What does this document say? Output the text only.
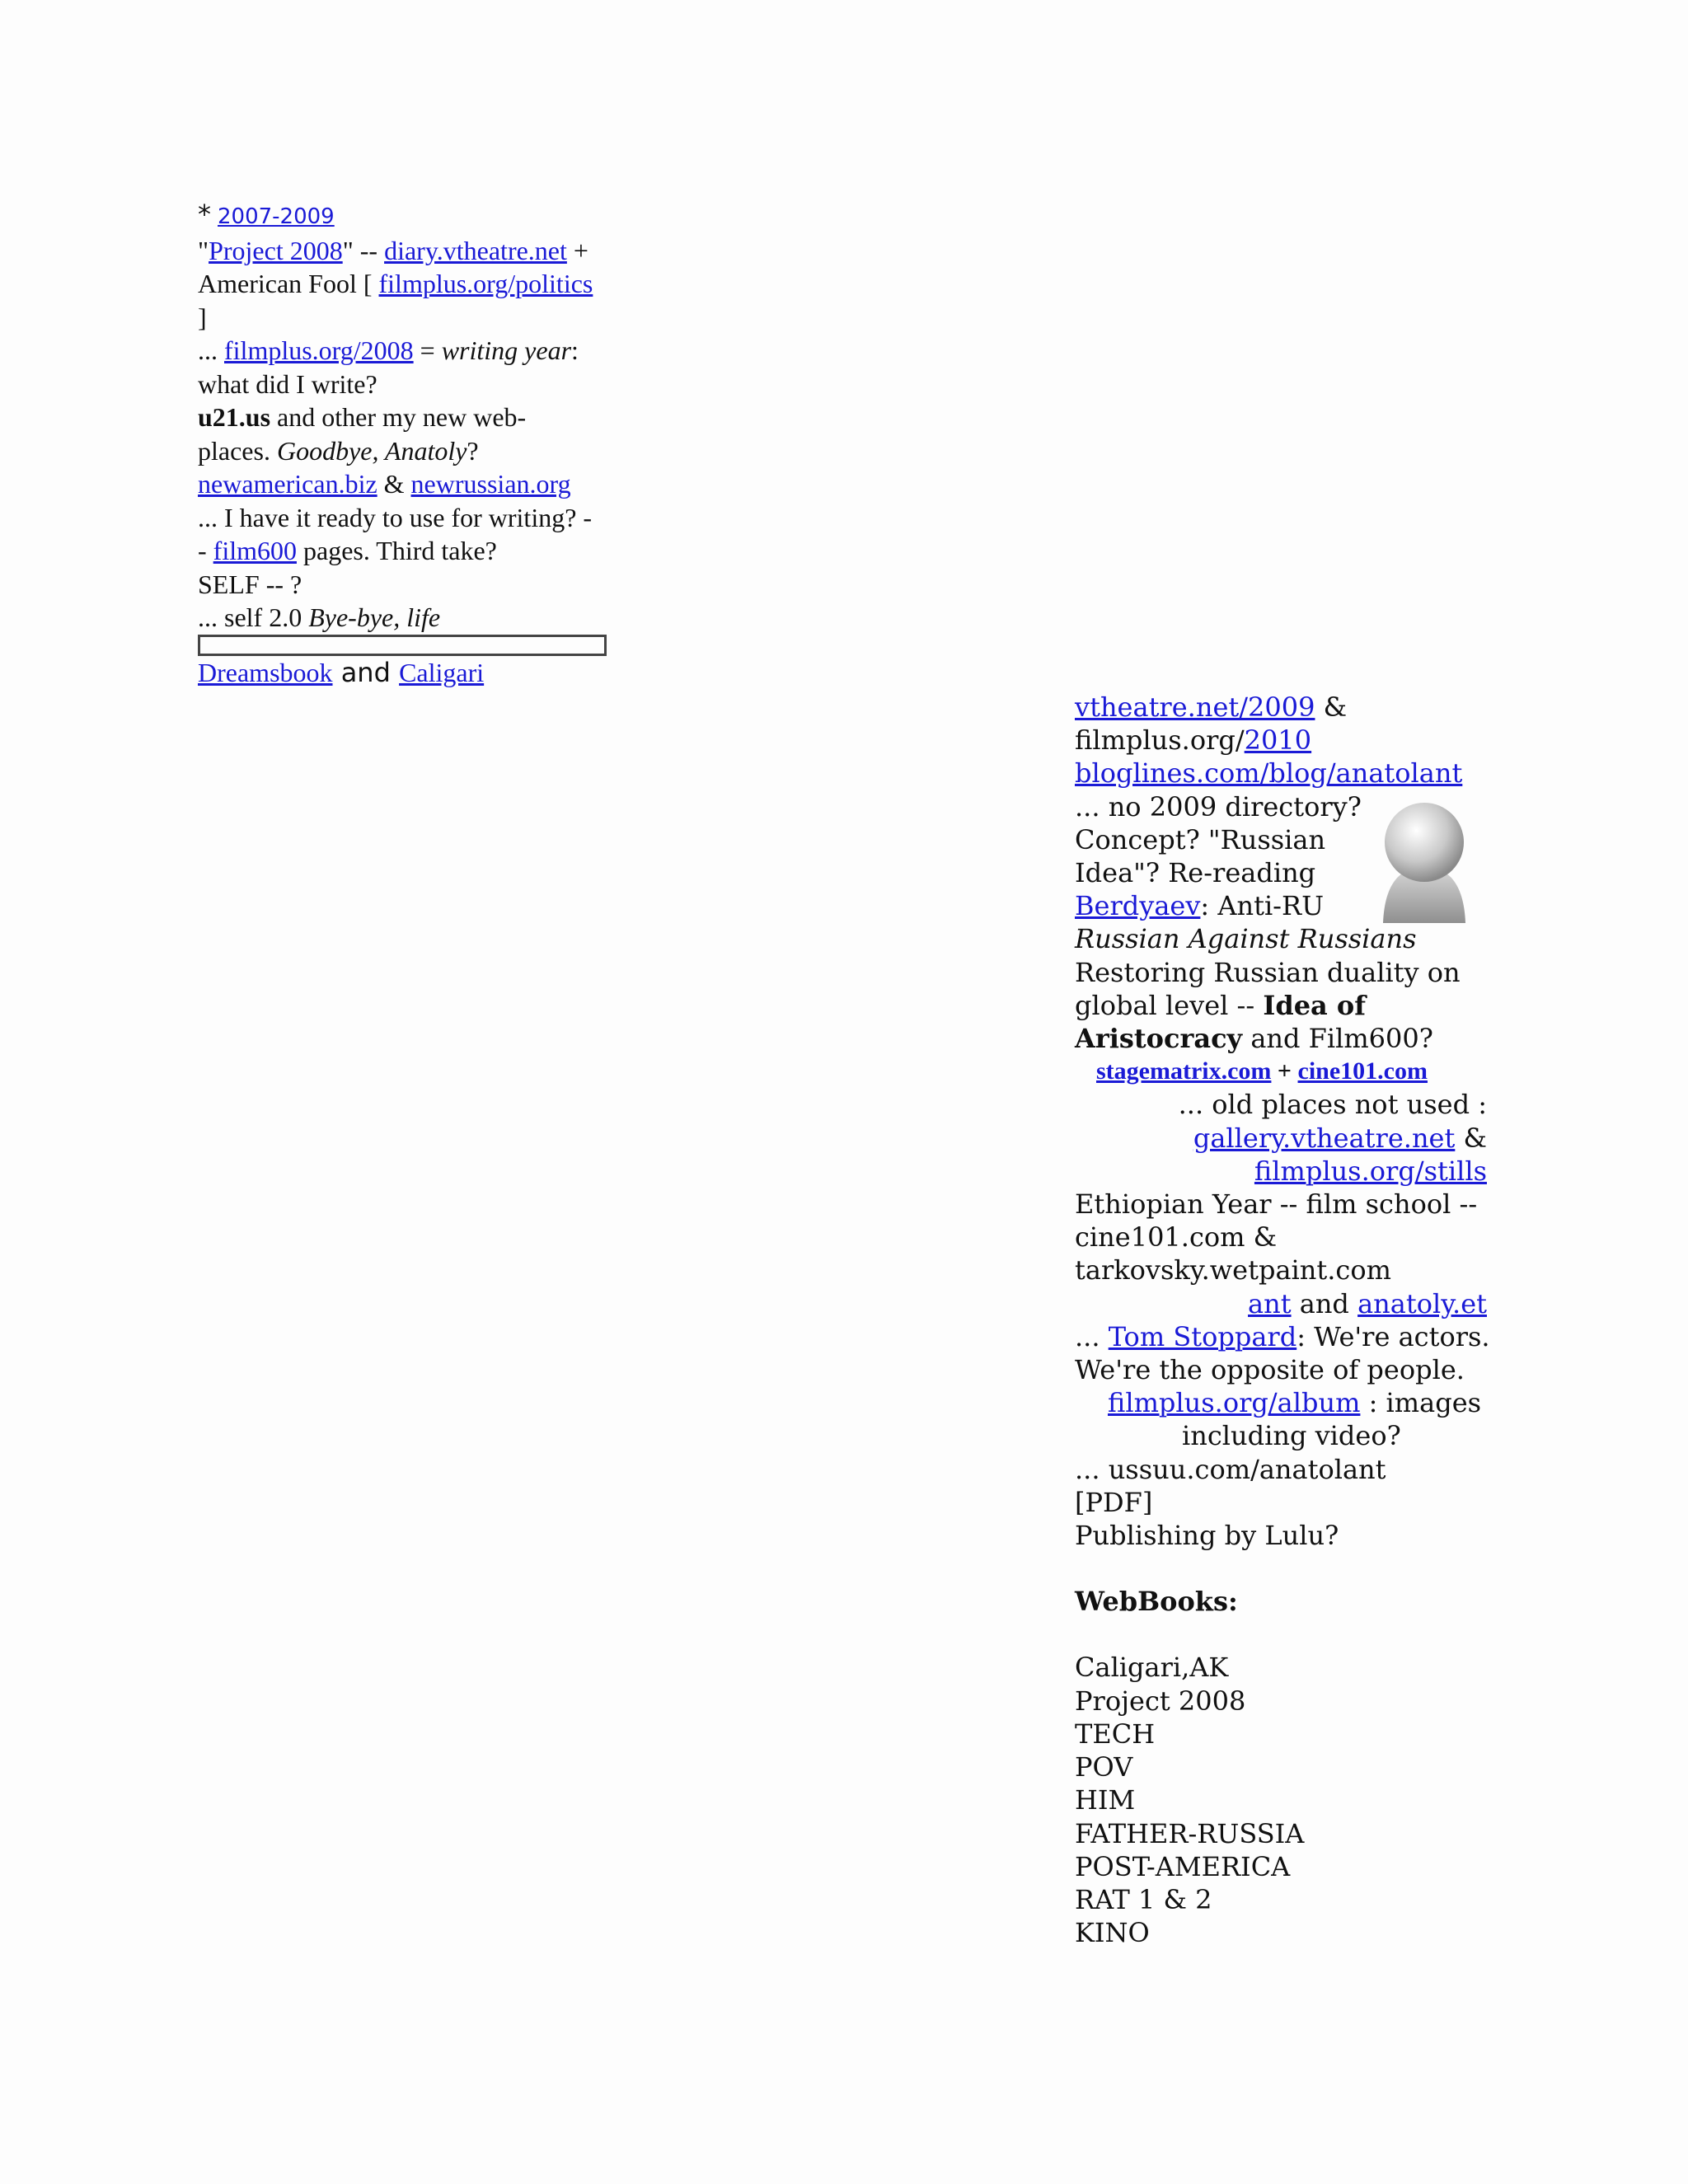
* 2007-2009
"Project 2008" -- diary.vtheatre.net +
American Fool [ filmplus.org/politics
]
... filmplus.org/2008 = writing year:
what did I write?
u21.us and other my new web-
places. Goodbye, Anatoly?
newamerican.biz & newrussian.org
... I have it ready to use for writing? -
- film600 pages. Third take?
SELF -- ?
... self 2.0 Bye-bye, life
Dreamsbook and Caligari
vtheatre.net/2009 &
filmplus.org/2010
bloglines.com/blog/anatolant
... no 2009 directory?
Concept? "Russian
Idea"? Re-reading
Berdyaev: Anti-RU
Russian Against Russians
Restoring Russian duality on
global level -- Idea of
Aristocracy and Film600?
stagematrix.com + cine101.com
... old places not used :
gallery.vtheatre.net &
filmplus.org/stills
Ethiopian Year -- film school --
cine101.com &
tarkovsky.wetpaint.com
ant and anatoly.et
... Tom Stoppard: We're actors.
We're the opposite of people.
filmplus.org/album : images
including video?
... ussuu.com/anatolant
[PDF]
Publishing by Lulu?
WebBooks:
Caligari,AK
Project 2008
TECH
POV
HIM
FATHER-RUSSIA
POST-AMERICA
RAT 1 & 2
KINO
